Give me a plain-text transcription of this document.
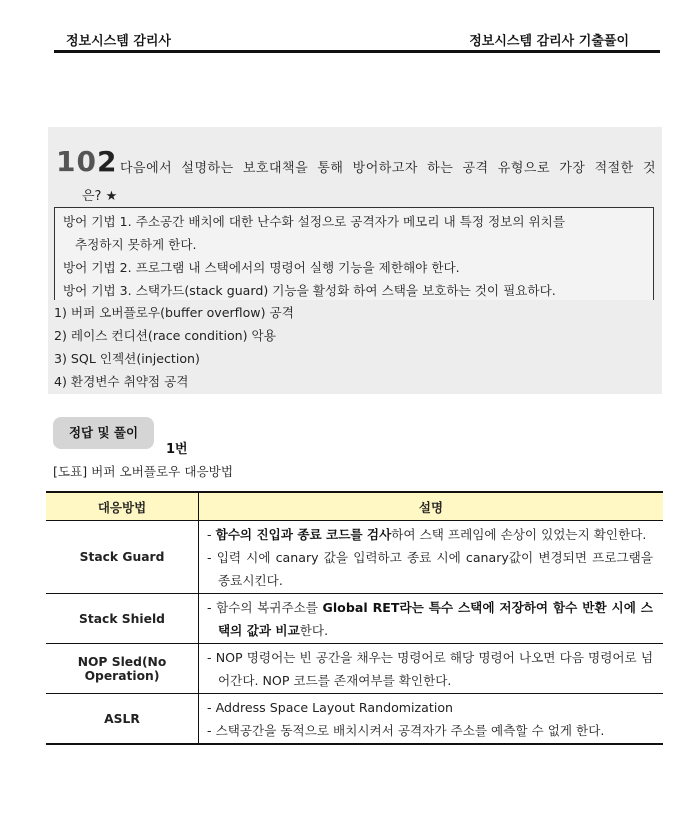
정보시스템 감리사	정보시스템 감리사 기출풀이
102 다음에서 설명하는 보호대책을 통해 방어하고자 하는 공격 유형으로 가장 적절한 것
은? ★
방어 기법 1. 주소공간 배치에 대한 난수화 설정으로 공격자가 메모리 내 특정 정보의 위치를
추정하지 못하게 한다.
방어 기법 2. 프로그램 내 스택에서의 명령어 실행 기능을 제한해야 한다.
방어 기법 3. 스택가드(stack guard) 기능을 활성화 하여 스택을 보호하는 것이 필요하다.
1) 버퍼 오버플로우(buffer overflow) 공격
2) 레이스 컨디션(race condition) 악용
3) SQL 인젝션(injection)
4) 환경변수 취약점 공격
정답 및 풀이
1번
[도표] 버퍼 오버플로우 대응방법
대응방법	설명
Stack Guard	- 함수의 진입과 종료 코드를 검사하여 스택 프레임에 손상이 있었는지 확인한다.
- 입력 시에 canary 값을 입력하고 종료 시에 canary값이 변경되면 프로그램을 종료시킨다.

Stack Shield	- 함수의 복귀주소를 Global RET라는 특수 스택에 저장하여 함수 반환 시에 스택의 값과 비교한다.

NOP Sled(No
Operation)	- NOP 명령어는 빈 공간을 채우는 명령어로 해당 명령어 나오면 다음 명령어로 넘어간다. NOP 코드를 존재여부를 확인한다.

ASLR	- Address Space Layout Randomization
- 스택공간을 동적으로 배치시켜서 공격자가 주소를 예측할 수 없게 한다.
